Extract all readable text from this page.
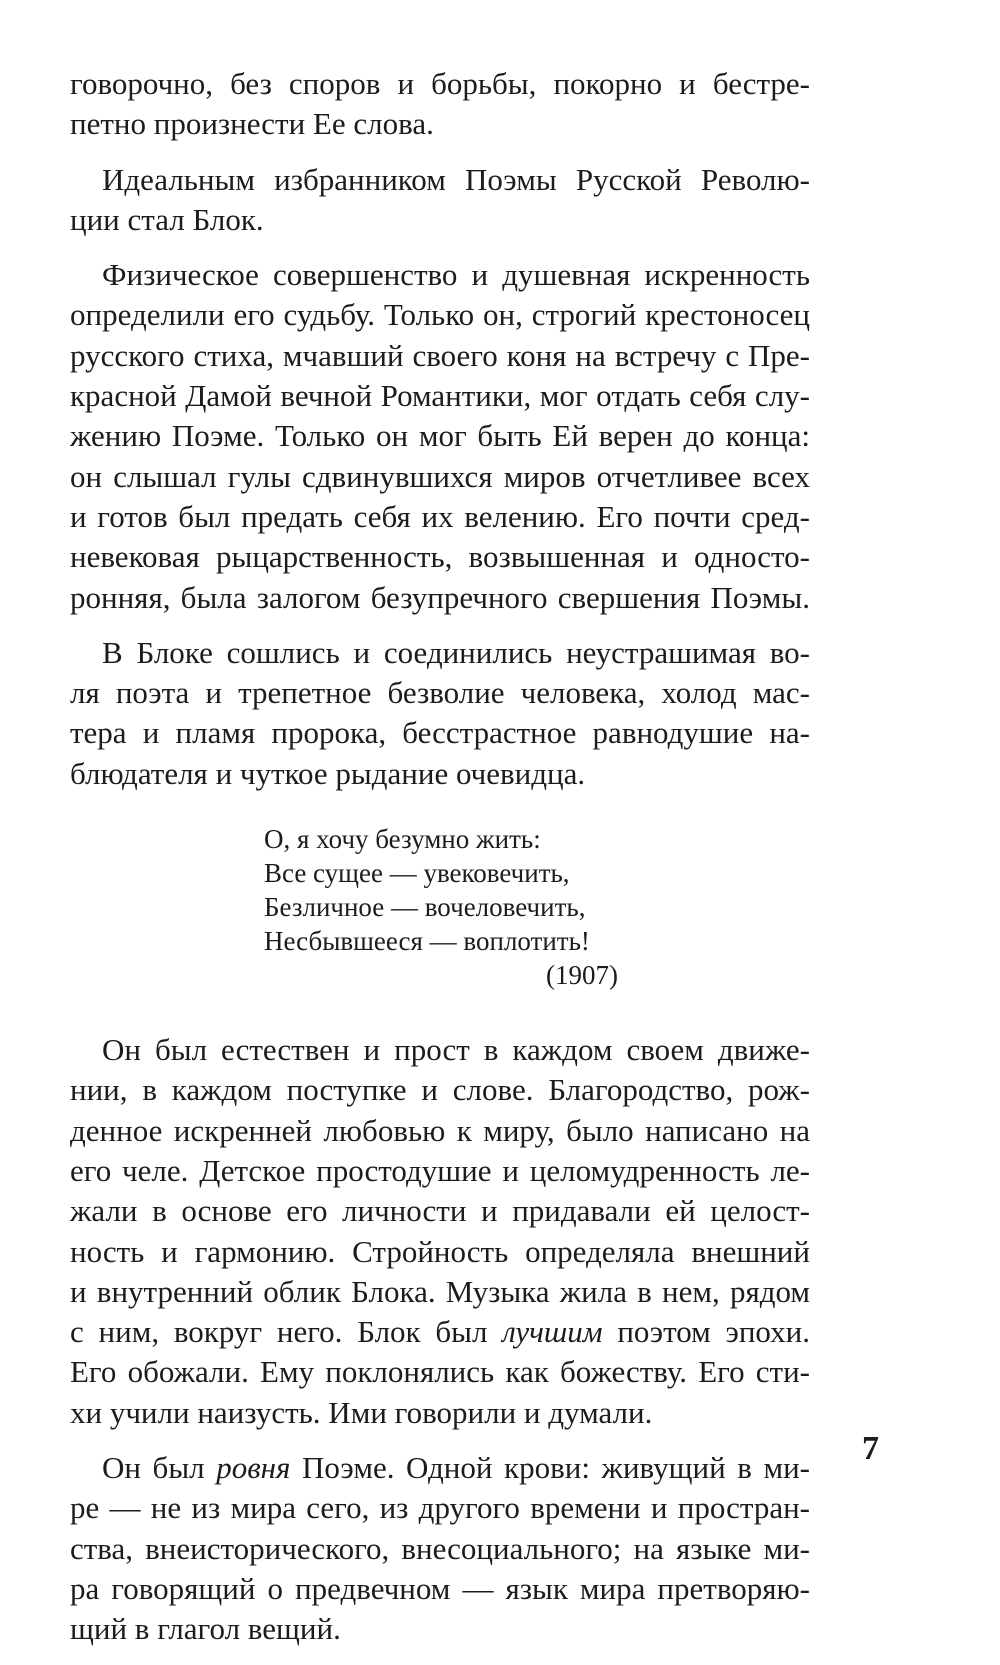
говорочно, без споров и борьбы, покорно и бестре-
петно произнести Ее слова.
Идеальным избранником Поэмы Русской Револю-
ции стал Блок.
Физическое совершенство и душевная искренность
определили его судьбу. Только он, строгий крестоносец
русского стиха, мчавший своего коня на встречу с Пре-
красной Дамой вечной Романтики, мог отдать себя слу-
жению Поэме. Только он мог быть Ей верен до конца:
он слышал гулы сдвинувшихся миров отчетливее всех
и готов был предать себя их велению. Его почти сред-
невековая рыцарственность, возвышенная и односто-
ронняя, была залогом безупречного свершения Поэмы.
В Блоке сошлись и соединились неустрашимая во-
ля поэта и трепетное безволие человека, холод мас-
тера и пламя пророка, бесстрастное равнодушие на-
блюдателя и чуткое рыдание очевидца.
О, я хочу безумно жить:
Все сущее — увековечить,
Безличное — вочеловечить,
Несбывшееся — воплотить!
(1907)
Он был естествен и прост в каждом своем движе-
нии, в каждом поступке и слове. Благородство, рож-
денное искренней любовью к миру, было написано на
его челе. Детское простодушие и целомудренность ле-
жали в основе его личности и придавали ей целост-
ность и гармонию. Стройность определяла внешний
и внутренний облик Блока. Музыка жила в нем, рядом
с ним, вокруг него. Блок был лучшим поэтом эпохи.
Его обожали. Ему поклонялись как божеству. Его сти-
хи учили наизусть. Ими говорили и думали.
Он был ровня Поэме. Одной крови: живущий в ми-
ре — не из мира сего, из другого времени и простран-
ства, внеисторического, внесоциального; на языке ми-
ра говорящий о предвечном — язык мира претворяю-
щий в глагол вещий.
7
